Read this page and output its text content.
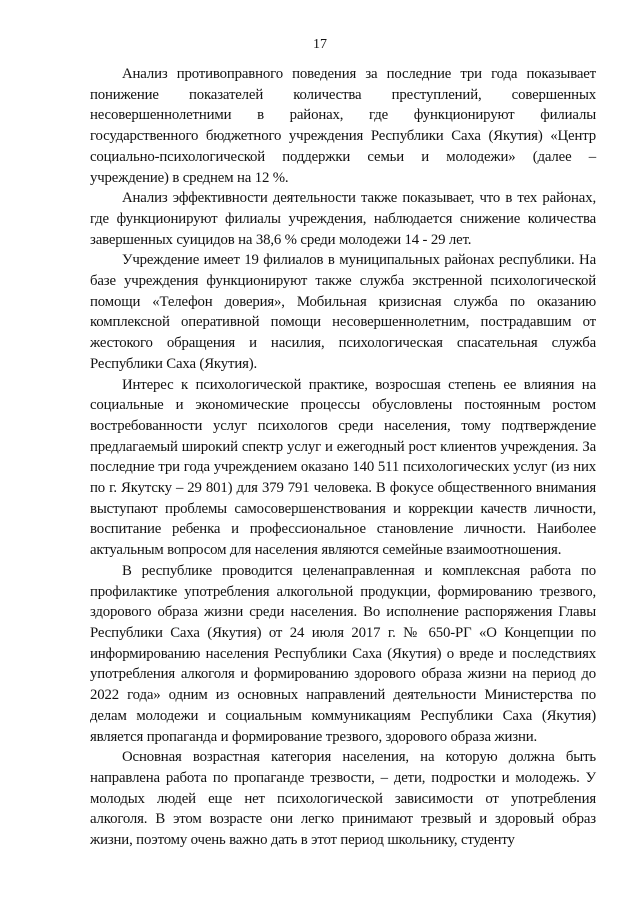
17

Анализ противоправного поведения за последние три года показывает понижение показателей количества преступлений, совершенных несовершеннолетними в районах, где функционируют филиалы государственного бюджетного учреждения Республики Саха (Якутия) «Центр социально-психологической поддержки семьи и молодежи» (далее – учреждение) в среднем на 12 %.

Анализ эффективности деятельности также показывает, что в тех районах, где функционируют филиалы учреждения, наблюдается снижение количества завершенных суицидов на 38,6 % среди молодежи 14 - 29 лет.

Учреждение имеет 19 филиалов в муниципальных районах республики. На базе учреждения функционируют также служба экстренной психологической помощи «Телефон доверия», Мобильная кризисная служба по оказанию комплексной оперативной помощи несовершеннолетним, пострадавшим от жестокого обращения и насилия, психологическая спасательная служба Республики Саха (Якутия).

Интерес к психологической практике, возросшая степень ее влияния на социальные и экономические процессы обусловлены постоянным ростом востребованности услуг психологов среди населения, тому подтверждение предлагаемый широкий спектр услуг и ежегодный рост клиентов учреждения. За последние три года учреждением оказано 140 511 психологических услуг (из них по г. Якутску – 29 801) для 379 791 человека. В фокусе общественного внимания выступают проблемы самосовершенствования и коррекции качеств личности, воспитание ребенка и профессиональное становление личности. Наиболее актуальным вопросом для населения являются семейные взаимоотношения.

В республике проводится целенаправленная и комплексная работа по профилактике употребления алкогольной продукции, формированию трезвого, здорового образа жизни среди населения. Во исполнение распоряжения Главы Республики Саха (Якутия) от 24 июля 2017 г. № 650-РГ «О Концепции по информированию населения Республики Саха (Якутия) о вреде и последствиях употребления алкоголя и формированию здорового образа жизни на период до 2022 года» одним из основных направлений деятельности Министерства по делам молодежи и социальным коммуникациям Республики Саха (Якутия) является пропаганда и формирование трезвого, здорового образа жизни.

Основная возрастная категория населения, на которую должна быть направлена работа по пропаганде трезвости, – дети, подростки и молодежь. У молодых людей еще нет психологической зависимости от употребления алкоголя. В этом возрасте они легко принимают трезвый и здоровый образ жизни, поэтому очень важно дать в этот период школьнику, студенту
